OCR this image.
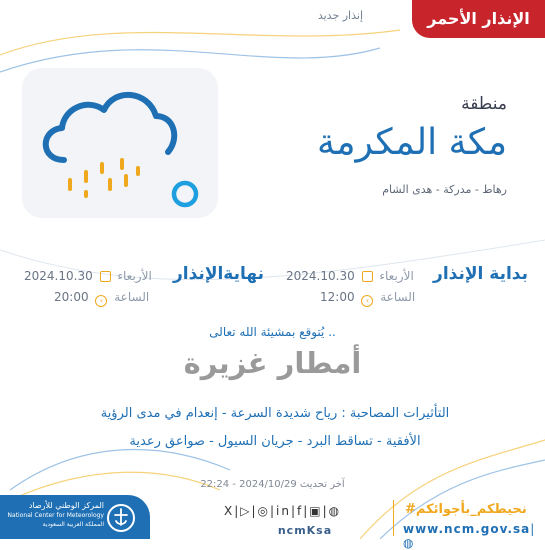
الإنذار الأحمر
إنذار جديد
منطقة
مكة المكرمة
رهاط - مدركة - هدى الشام
بداية الإنذار
2024.10.30 الأربعاء
12:00 ‹ الساعة
نهايةالإنذار
2024.10.30 الأربعاء
20:00 ‹ الساعة
يُتوقع بمشيئة الله تعالى ..
أمطار غزيرة
التأثيرات المصاحبة : رياح شديدة السرعة - إنعدام في مدى الرؤية
الأفقية - تساقط البرد - جريان السيول - صواعق رعدية
آخر تحديث 2024/10/29 - 22:24
المركز الوطني للأرصاد
National Center for Meteorology
المملكة العربية السعودية
X|▷|◎|in|f|▣|◍
ncmKsa
#نحيطكم_بأجوائكم
www.ncm.gov.sa|◍
